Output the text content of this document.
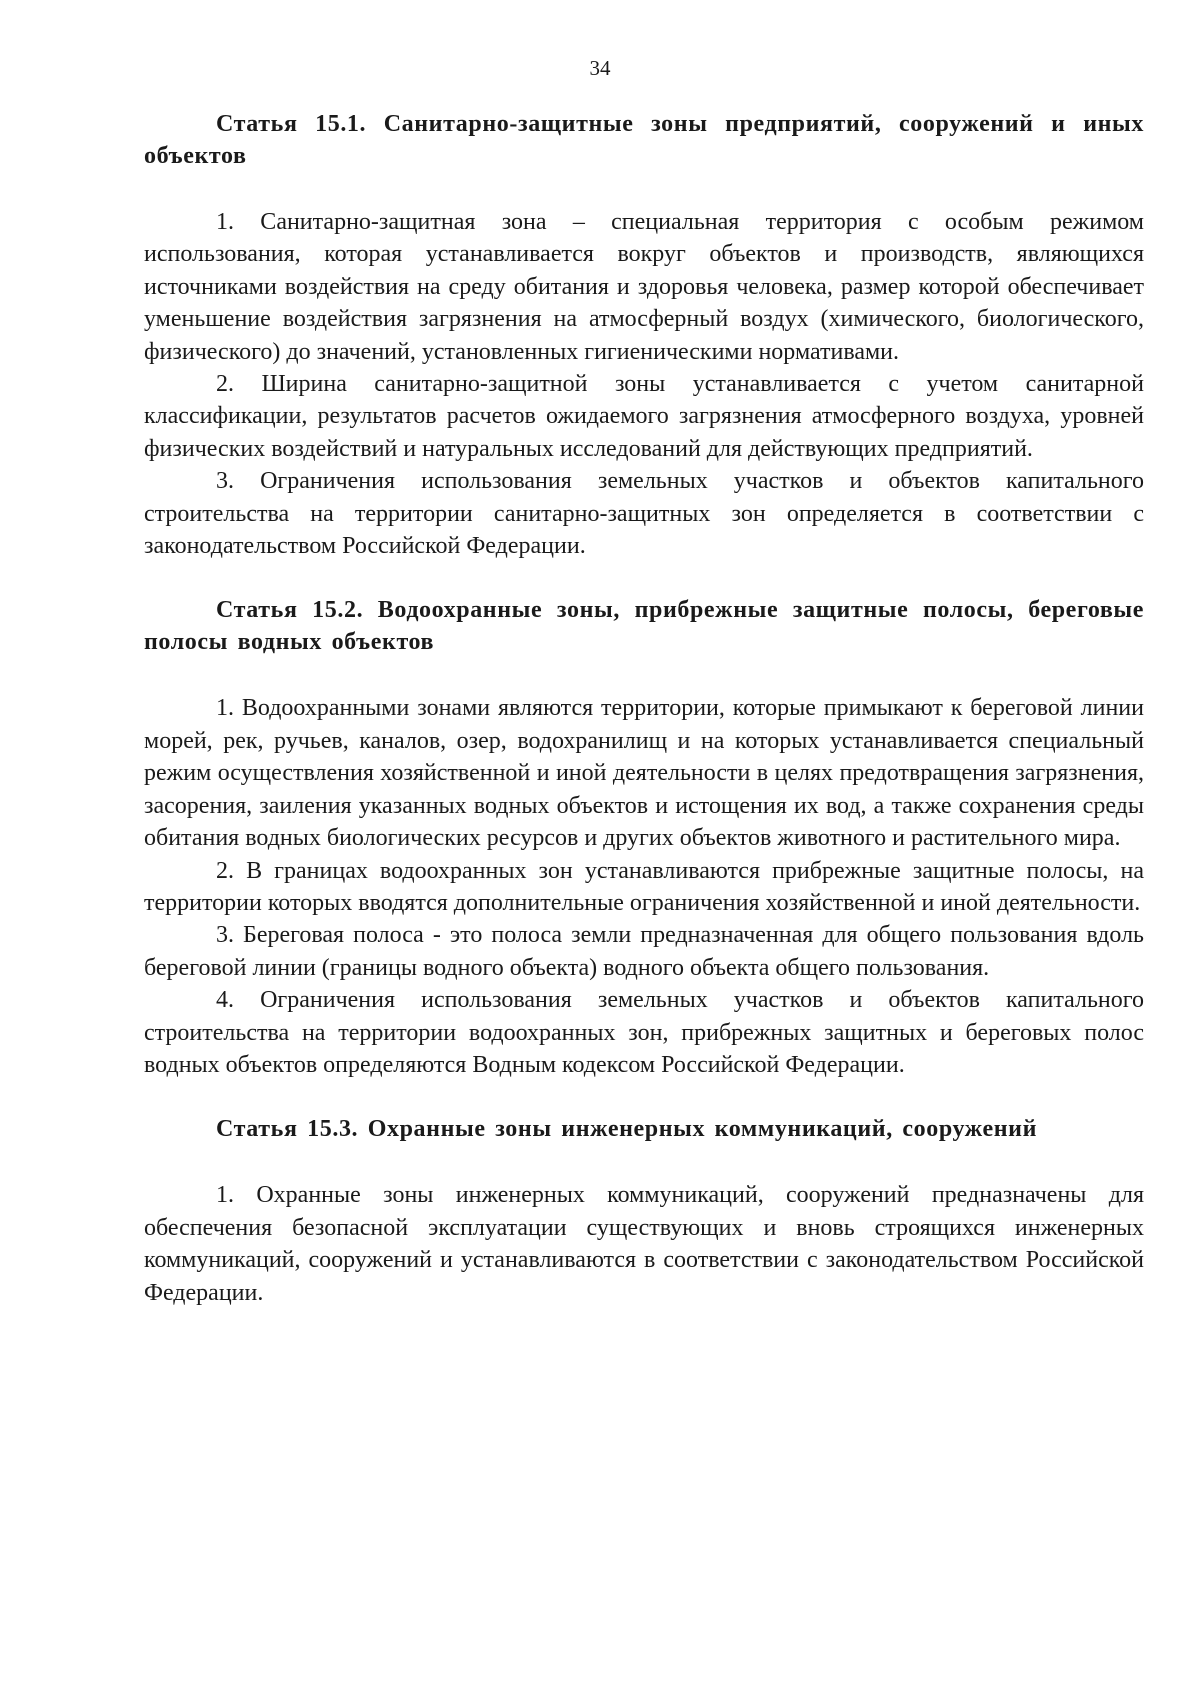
34
Статья 15.1. Санитарно-защитные зоны предприятий, сооружений и иных объектов

1. Санитарно-защитная зона – специальная территория с особым режимом использования, которая устанавливается вокруг объектов и производств, являющихся источниками воздействия на среду обитания и здоровья человека, размер которой обеспечивает уменьшение воздействия загрязнения на атмосферный воздух (химического, биологического, физического) до значений, установленных гигиеническими нормативами.

2. Ширина санитарно-защитной зоны устанавливается с учетом санитарной классификации, результатов расчетов ожидаемого загрязнения атмосферного воздуха, уровней физических воздействий и натуральных исследований для действующих предприятий.

3. Ограничения использования земельных участков и объектов капитального строительства на территории санитарно-защитных зон определяется в соответствии с законодательством Российской Федерации.

Статья 15.2. Водоохранные зоны, прибрежные защитные полосы, береговые полосы водных объектов

1. Водоохранными зонами являются территории, которые примыкают к береговой линии морей, рек, ручьев, каналов, озер, водохранилищ и на которых устанавливается специальный режим осуществления хозяйственной и иной деятельности в целях предотвращения загрязнения, засорения, заиления указанных водных объектов и истощения их вод, а также сохранения среды обитания водных биологических ресурсов и других объектов животного и растительного мира.

2. В границах водоохранных зон устанавливаются прибрежные защитные полосы, на территории которых вводятся дополнительные ограничения хозяйственной и иной деятельности.

3. Береговая полоса - это полоса земли предназначенная для общего пользования вдоль береговой линии (границы водного объекта) водного объекта общего пользования.

4. Ограничения использования земельных участков и объектов капитального строительства на территории водоохранных зон, прибрежных защитных и береговых полос водных объектов определяются Водным кодексом Российской Федерации.

Статья 15.3. Охранные зоны инженерных коммуникаций, сооружений

1. Охранные зоны инженерных коммуникаций, сооружений предназначены для обеспечения безопасной эксплуатации существующих и вновь строящихся инженерных коммуникаций, сооружений и устанавливаются в соответствии с законодательством Российской Федерации.
